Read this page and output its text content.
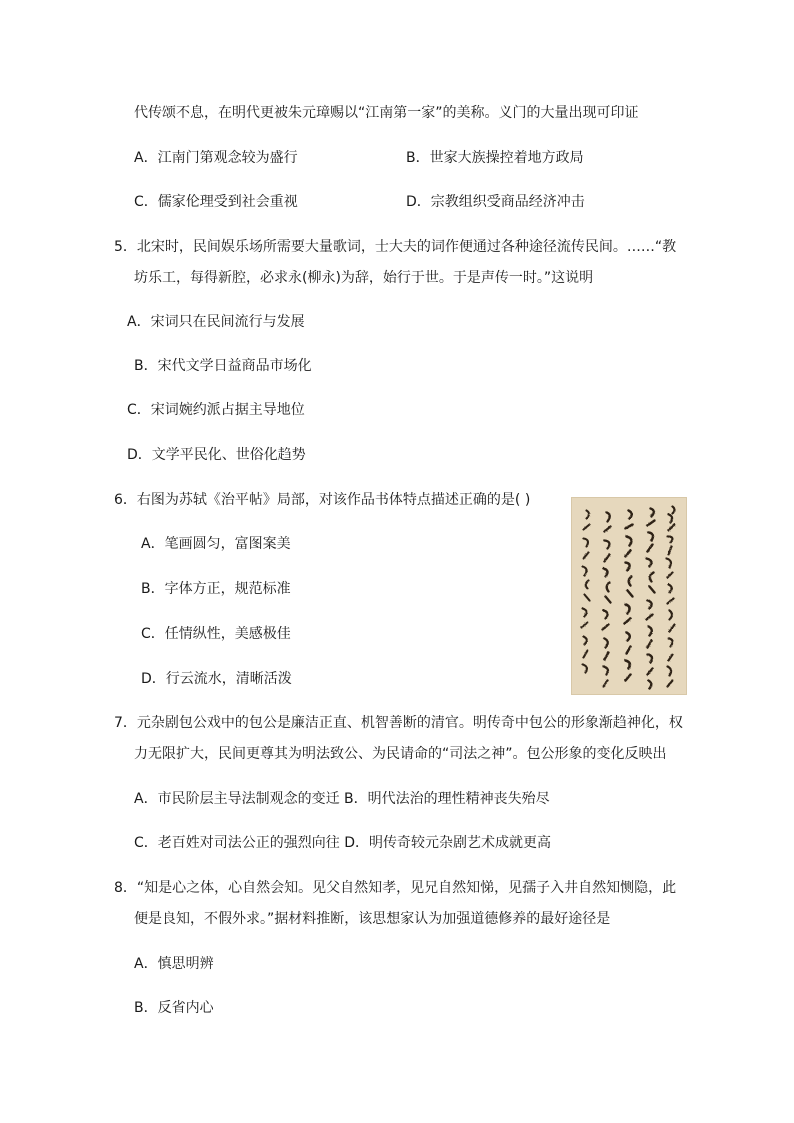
代传颂不息，在明代更被朱元璋赐以“江南第一家”的美称。义门的大量出现可印证
A．江南门第观念较为盛行	B．世家大族操控着地方政局
C．儒家伦理受到社会重视	D．宗教组织受商品经济冲击
5．北宋时，民间娱乐场所需要大量歌词，士大夫的词作便通过各种途径流传民间。……“教
坊乐工，每得新腔，必求永(柳永)为辞，始行于世。于是声传一时。”这说明
A．宋词只在民间流行与发展
B．宋代文学日益商品市场化
C．宋词婉约派占据主导地位
D．文学平民化、世俗化趋势
6．右图为苏轼《治平帖》局部，对该作品书体特点描述正确的是( )
A．笔画圆匀，富图案美
B．字体方正，规范标准
C．任情纵性，美感极佳
D．行云流水，清晰活泼
7．元杂剧包公戏中的包公是廉洁正直、机智善断的清官。明传奇中包公的形象渐趋神化，权
力无限扩大，民间更尊其为明法致公、为民请命的“司法之神”。包公形象的变化反映出
A．市民阶层主导法制观念的变迁 B．明代法治的理性精神丧失殆尽
C．老百姓对司法公正的强烈向往 D．明传奇较元杂剧艺术成就更高
8．“知是心之体，心自然会知。见父自然知孝，见兄自然知悌，见孺子入井自然知恻隐，此
便是良知，不假外求。”据材料推断，该思想家认为加强道德修养的最好途径是
A．慎思明辨
B．反省内心
